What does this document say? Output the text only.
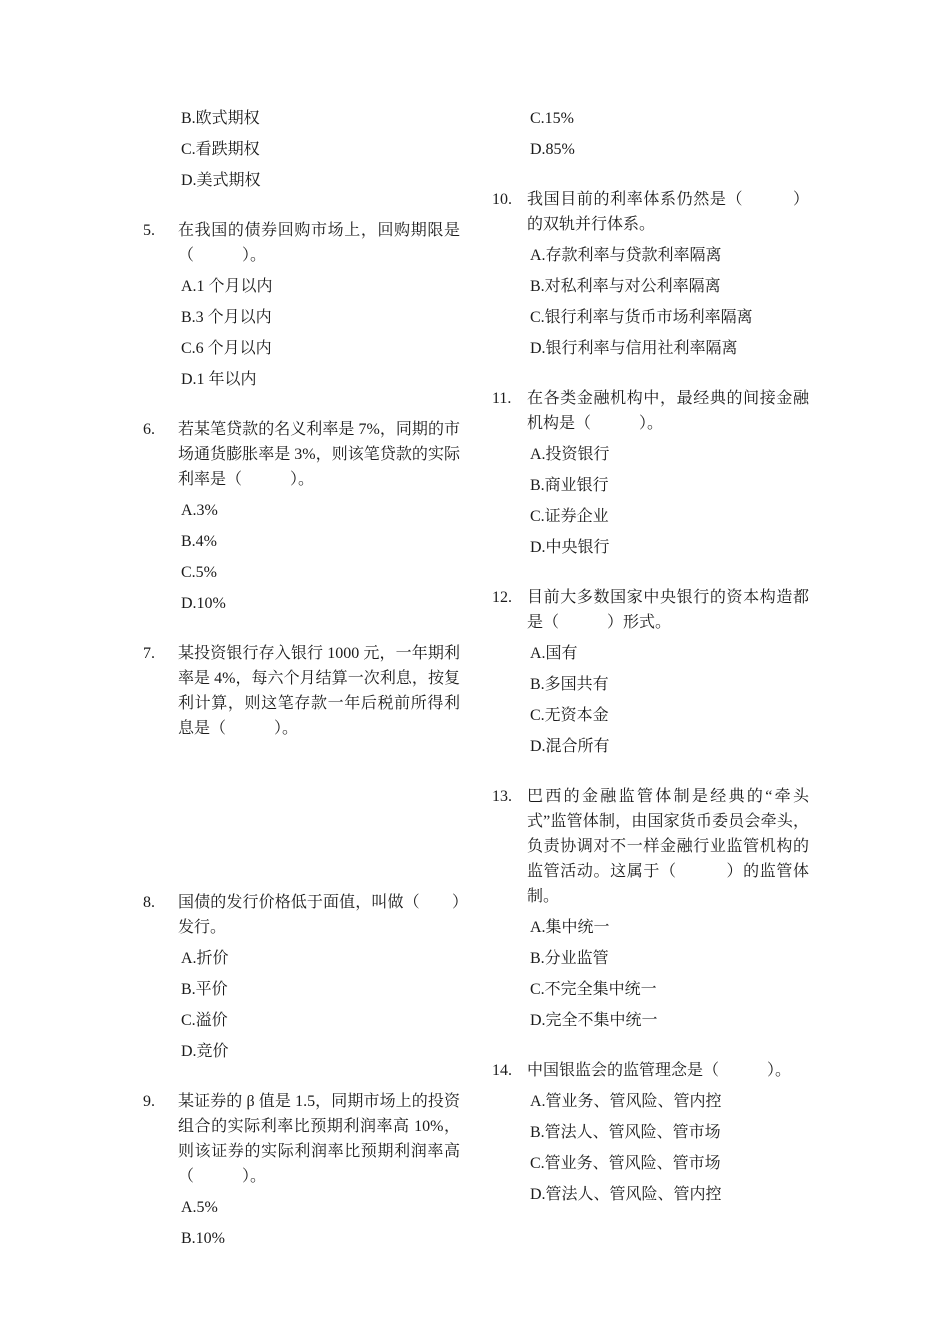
B.欧式期权
C.看跌期权
D.美式期权
5. 在我国的债券回购市场上，回购期限是（　　　）。
A.1 个月以内
B.3 个月以内
C.6 个月以内
D.1 年以内
6. 若某笔贷款的名义利率是 7%，同期的市场通货膨胀率是 3%，则该笔贷款的实际利率是（　　　）。
A.3%
B.4%
C.5%
D.10%
7. 某投资银行存入银行 1000 元，一年期利率是 4%，每六个月结算一次利息，按复利计算，则这笔存款一年后税前所得利息是（　　　）。
8. 国债的发行价格低于面值，叫做（　　）发行。
A.折价
B.平价
C.溢价
D.竞价
9. 某证券的 β 值是 1.5，同期市场上的投资组合的实际利率比预期利润率高 10%，则该证券的实际利润率比预期利润率高（　　　）。
A.5%
B.10%
C.15%
D.85%
10. 我国目前的利率体系仍然是（　　　）的双轨并行体系。
A.存款利率与贷款利率隔离
B.对私利率与对公利率隔离
C.银行利率与货币市场利率隔离
D.银行利率与信用社利率隔离
11. 在各类金融机构中，最经典的间接金融机构是（　　　）。
A.投资银行
B.商业银行
C.证券企业
D.中央银行
12. 目前大多数国家中央银行的资本构造都是（　　　）形式。
A.国有
B.多国共有
C.无资本金
D.混合所有
13. 巴西的金融监管体制是经典的“牵头式”监管体制，由国家货币委员会牵头，负责协调对不一样金融行业监管机构的监管活动。这属于（　　　）的监管体制。
A.集中统一
B.分业监管
C.不完全集中统一
D.完全不集中统一
14. 中国银监会的监管理念是（　　　）。
A.管业务、管风险、管内控
B.管法人、管风险、管市场
C.管业务、管风险、管市场
D.管法人、管风险、管内控
